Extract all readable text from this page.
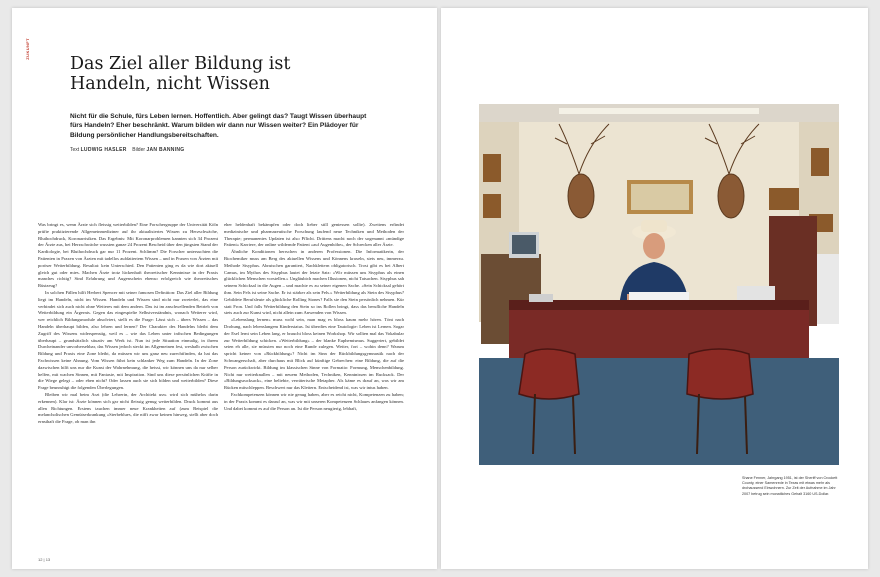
ZUKUNFT
Das Ziel aller Bildung ist Handeln, nicht Wissen

Nicht für die Schule, fürs Leben lernen. Hoffentlich. Aber gelingt das? Taugt Wissen überhaupt fürs Handeln? Eher beschränkt. Warum bilden wir dann nur Wissen weiter? Ein Plädoyer für Bildung persönlicher Handlungsbereitschaften.

Text LUDWIG HASLER Bilder JAN BANNING

Was bringt es, wenn Ärzte sich fleissig weiterbilden? Eine Forschergruppe der Universität Köln prüfte praktizierende Allgemeinmediziner auf ihr aktualisiertes Wissen zu Herzschwäche, Bluthochdruck, Koronarrisiken. Das Ergebnis: Mit Koronarproblemen kannten sich 34 Prozent der Ärzte aus, bei Herzschwäche wussten ganze 24 Prozent Bescheid über den jüngsten Stand der Kardiologie, bei Bluthochdruck gar nur 11 Prozent. Schlimm? Die Forscher untersuchten die Patienten in Praxen von Ärzten mit tadellos aufdatiertem Wissen – und in Praxen von Ärzten mit poröser Weiterbildung. Resultat: kein Unterschied. Den Patienten ging es da wie dort aktuell gleich gut oder mies. Machen Ärzte trotz lückenhaft theoretischer Kenntnisse in der Praxis manches richtig? Sind Erfahrung und Augenschein ebenso erfolgreich wie theoretisches Rüstzeug?

In solchen Fällen hilft Herbert Spencer mit seiner famosen Definition: Das Ziel aller Bildung liegt im Handeln, nicht im Wissen. Handeln und Wissen sind nicht nur zweierlei, das eine verbindet sich auch nicht ohne Weiteres mit dem andern. Das ist im anschwellenden Betrieb von Weiterbildung ein Ärgernis. Gegen das eingespielte Selbstverständnis, wonach Weiterer wird, wer reichlich Bildungsmodule absolviert, stellt es die Frage: Lässt sich – übers Wissen – das Handeln überhaupt bilden, also lehren und lernen? Der Charakter des Handelns bleibt dem Zugriff des Wissens widerspenstig, weil es – wie das Leben unter infischen Bedingungen überhaupt – grundsätzlich situativ am Werk ist. Nun ist jede Situation einmalig, in ihrem Durcheinander unvorhersehbar, das Wissen jedoch steckt im Allgemeinen fest, weshalb zwischen Bildung und Praxis eine Zone bleibt, da müssen wir uns ganz neu zurechtfinden, da hat das Fachwissen keine Ahnung. Vom Wissen führt kein schlanker Weg zum Handeln. In der Zone dazwischen hilft uns nur die Kunst der Wahrnehmung, die heisst, wir können uns da nur selber helfen, mit wachen Sinnen, mit Fantasie, mit Inspiration. Sind uns diese persönlichen Kräfte in die Wiege gelegt – oder eben nicht? Oder lassen auch sie sich bilden und weiterbilden? Diese Frage beunruhigt die folgenden Überlegungen.

Bleiben wir mal beim Arzt (die Lehrerin, der Architekt usw. wird sich mühelos darin erkennen). Klar ist: Ärzte können sich gar nicht fleissig genug weiterbilden. Druck kommt aus allen Richtungen. Erstens tauchen immer neue Krankheiten auf (zum Beispiel die melancholischen Gemütserkrankung «Sterbeblues, die nifft zwar keinen hinweg, stellt aber doch ernsthaft die Frage, ob man ihn

eher heldenhaft bekämpfen oder doch lieber still geniessen sollte). Zweitens erfindet medizinische und pharmazeutische Forschung laufend neue Techniken und Methoden der Therapie; permanentes Updaten ist also Pflicht. Drittens macht noch der sogenannt «mündige Patient» Karriere, der online wildernde Patient «auf Augenhöhe», der Schrecken aller Ärzte.

Ähnliche Konditionen herrschen in anderen Professionen. Die Informatikerin, der Biochemiker muss am Berg des aktuellen Wissens und Könnens kraxeln, stets neu, immerzu. Methode Sisyphus. Abrutschen garantiert, Nachklettern obligatorisch. Trost gibt es bei Albert Camus, im Mythos des Sisyphus lautet der letzte Satz: «Wir müssen uns Sisyphus als einen glücklichen Menschen vorstellen.» Ungläubich machen Illusionen, nicht Tatsachen. Sisyphus sah seinem Schicksal in die Augen – und machte es zu seiner eigenen Sache. «Sein Schicksal gehört ihm. Sein Fels ist seine Sache. Er ist stärker als sein Fels.» Weiterbildung als Stein des Sisyphus? Gebildete Berufsleute als glückliche Rolling Stones? Falls sie den Stein persönlich nehmen. Kür statt Fron. Und falls Weiterbildung den Stein so ins Rollen bringt, dass das berufliche Handeln stets auch zur Kunst wird, nicht allein zum Anwenden von Wissen.

«Lebenslang lernen» muss wohl sein, man mag es bloss kaum mehr hören. Tönt nach Drohung, nach lebenslangem Kinderstatus. Ist überdies eine Tautologie: Leben ist Lernen. Sogar der Esel lernt sein Leben lang, er braucht bloss keinen Workshop. Wir sollten mal das Vokabular zur Weiterbildung schicken. «Weiterbildung» – der blanke Euphemismus. Suggeriert, gebildet seien eh alle, sie müssten nur noch eine Runde zulegen. Weiter, fort – wohin denn? Warum spricht keiner von «Rückbildung»? Nicht im Sinn der Rückbildungsgymnastik nach der Schwangerschaft, aber durchaus mit Blick auf künftige Gebrechen: eine Bildung, die auf die Person zurückwirkt. Bildung im klassischen Sinne von Formatio: Formung, Menschenbildung. Nicht nur weiterknallen – mit neuem Methoden, Techniken, Kenntnissen im Rucksack. Der «Bildungsrucksack», eine beliebte, verräterische Metapher. Als käme es drauf an, was wir am Rücken mitschleppen. Beschwert nur das Klettern. Entscheidend ist, was wir intus haben.

Fachkompetenzen können wir nie genug haben, aber es reicht nicht, Kompetenzen zu haben; in der Praxis kommt es darauf an, was wir mit unseren Kompetenzen Schlaues anfangen können. Und dabei kommt es auf die Person an. Ist die Person neugierig, lebhaft,

12 | 13

Shane Fenner, Jahrgang 1951, ist der Sheriff von Crockett County, einer Samenrede in Texas mit etwas mehr als drohaussend Einwohnern. Zur Zeit der Aufnahme im Jahr 2007 betrug sein monatliches Gehalt 3160 US-Dollar.
